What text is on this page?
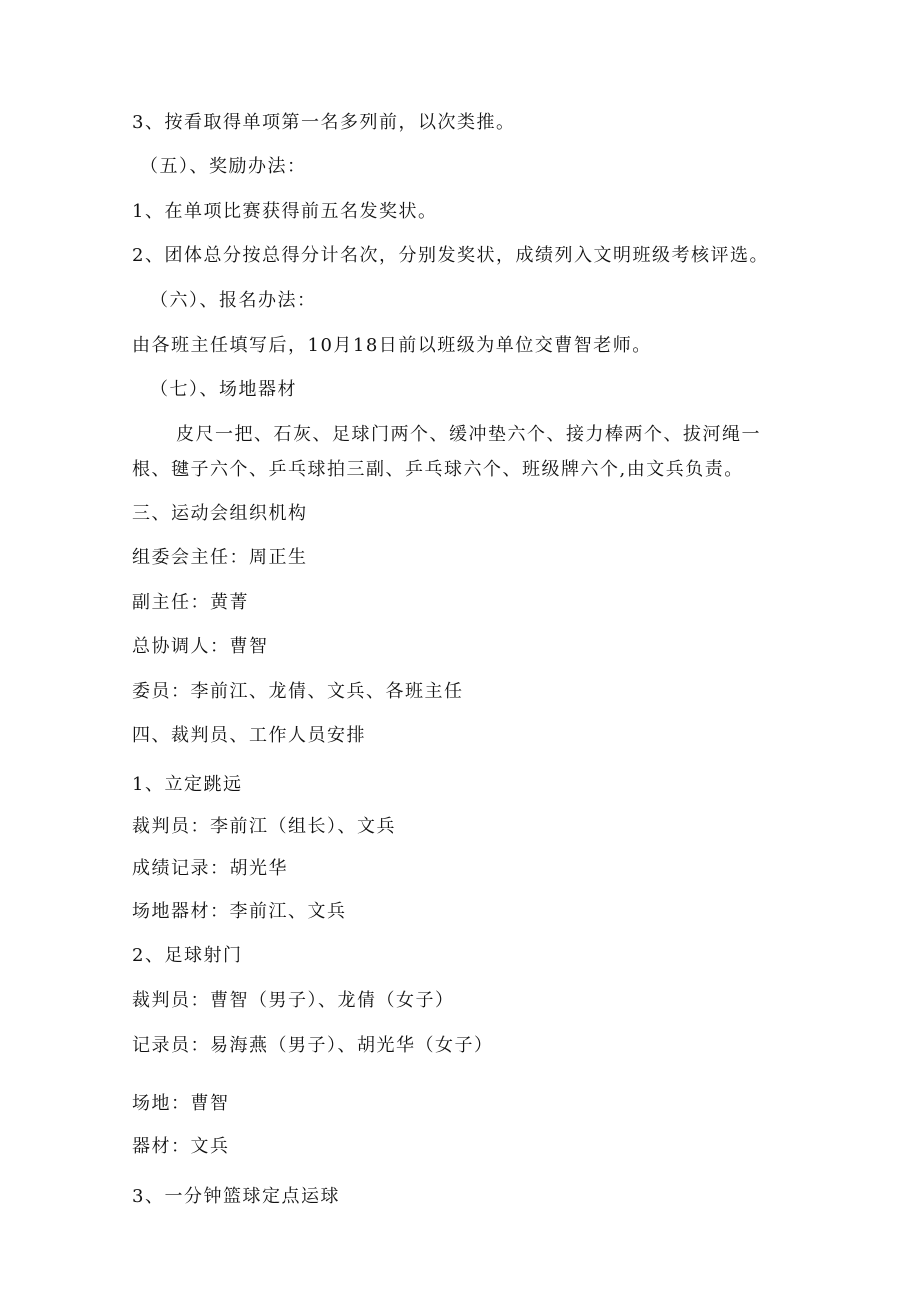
3、按看取得单项第一名多列前，以次类推。
（五）、奖励办法：
1、在单项比赛获得前五名发奖状。
2、团体总分按总得分计名次，分别发奖状，成绩列入文明班级考核评选。
（六）、报名办法：
由各班主任填写后，10月18日前以班级为单位交曹智老师。
（七）、场地器材
皮尺一把、石灰、足球门两个、缓冲垫六个、接力棒两个、拔河绳一
根、毽子六个、乒乓球拍三副、乒乓球六个、班级牌六个,由文兵负责。
三、运动会组织机构
组委会主任：周正生
副主任：黄菁
总协调人：曹智
委员：李前江、龙倩、文兵、各班主任
四、裁判员、工作人员安排
1、立定跳远
裁判员：李前江（组长）、文兵
成绩记录：胡光华
场地器材：李前江、文兵
2、足球射门
裁判员：曹智（男子）、龙倩（女子）
记录员：易海燕（男子）、胡光华（女子）
场地：曹智
器材：文兵
3、一分钟篮球定点运球
